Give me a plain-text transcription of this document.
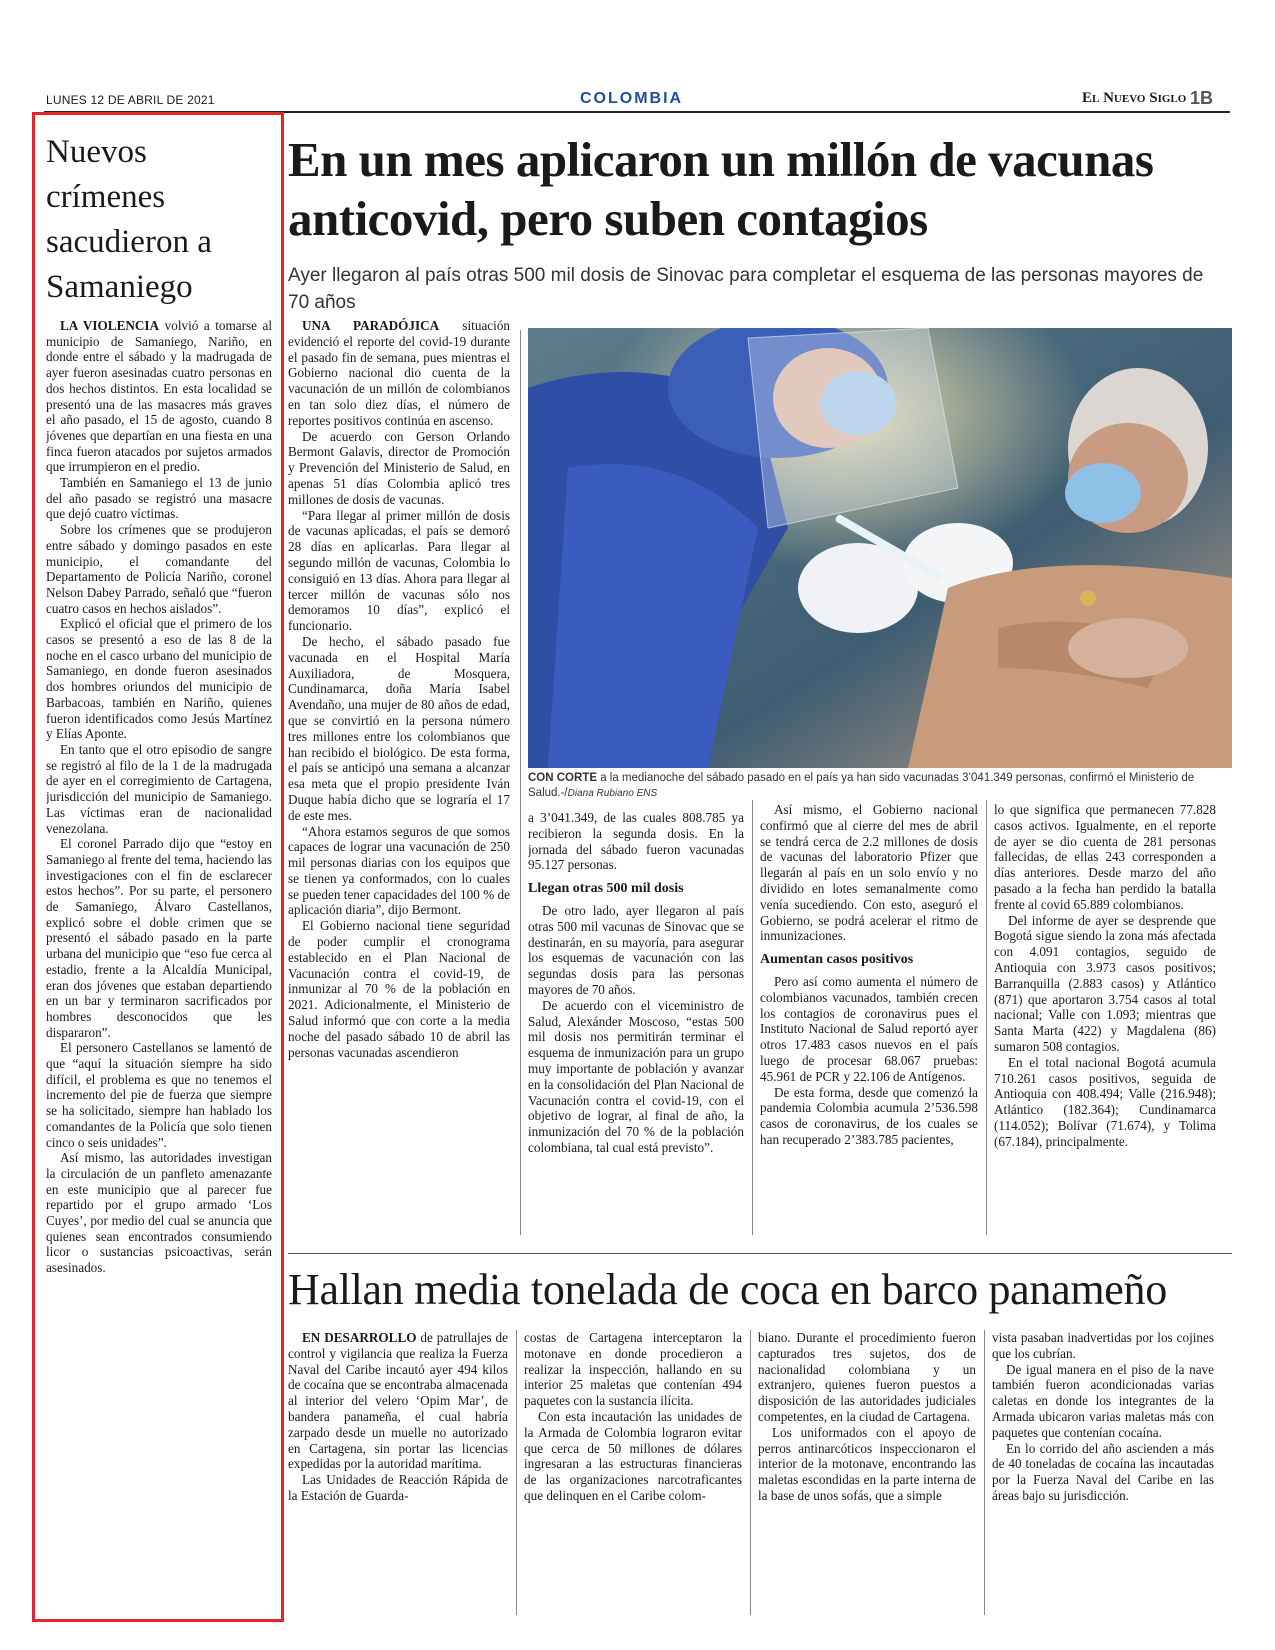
LUNES 12 DE ABRIL DE 2021	COLOMBIA	El Nuevo Siglo 1B
Nuevos crímenes sacudieron a Samaniego

LA VIOLENCIA volvió a tomarse al municipio de Samaniego, Nariño, en donde entre el sábado y la madrugada de ayer fueron asesinadas cuatro personas en dos hechos distintos. En esta localidad se presentó una de las masacres más graves el año pasado, el 15 de agosto, cuando 8 jóvenes que departían en una fiesta en una finca fueron atacados por sujetos armados que irrumpieron en el predio.

También en Samaniego el 13 de junio del año pasado se registró una masacre que dejó cuatro víctimas.

Sobre los crímenes que se produjeron entre sábado y domingo pasados en este municipio, el comandante del Departamento de Policía Nariño, coronel Nelson Dabey Parrado, señaló que “fueron cuatro casos en hechos aislados”.

Explicó el oficial que el primero de los casos se presentó a eso de las 8 de la noche en el casco urbano del municipio de Samaniego, en donde fueron asesinados dos hombres oriundos del municipio de Barbacoas, también en Nariño, quienes fueron identificados como Jesús Martínez y Elías Aponte.

En tanto que el otro episodio de sangre se registró al filo de la 1 de la madrugada de ayer en el corregimiento de Cartagena, jurisdicción del municipio de Samaniego. Las víctimas eran de nacionalidad venezolana.

El coronel Parrado dijo que “estoy en Samaniego al frente del tema, haciendo las investigaciones con el fin de esclarecer estos hechos”. Por su parte, el personero de Samaniego, Álvaro Castellanos, explicó sobre el doble crimen que se presentó el sábado pasado en la parte urbana del municipio que “eso fue cerca al estadio, frente a la Alcaldía Municipal, eran dos jóvenes que estaban departiendo en un bar y terminaron sacrificados por hombres desconocidos que les dispararon”.

El personero Castellanos se lamentó de que “aquí la situación siempre ha sido difícil, el problema es que no tenemos el incremento del pie de fuerza que siempre se ha solicitado, siempre han hablado los comandantes de la Policía que solo tienen cinco o seis unidades”.

Así mismo, las autoridades investigan la circulación de un panfleto amenazante en este municipio que al parecer fue repartido por el grupo armado ‘Los Cuyes’, por medio del cual se anuncia que quienes sean encontrados consumiendo licor o sustancias psicoactivas, serán asesinados.

En un mes aplicaron un millón de vacunas anticovid, pero suben contagios
Ayer llegaron al país otras 500 mil dosis de Sinovac para completar el esquema de las personas mayores de 70 años

UNA PARADÓJICA situación evidenció el reporte del covid-19 durante el pasado fin de semana, pues mientras el Gobierno nacional dio cuenta de la vacunación de un millón de colombianos en tan solo diez días, el número de reportes positivos continúa en ascenso.

De acuerdo con Gerson Orlando Bermont Galavis, director de Promoción y Prevención del Ministerio de Salud, en apenas 51 días Colombia aplicó tres millones de dosis de vacunas.

“Para llegar al primer millón de dosis de vacunas aplicadas, el país se demoró 28 días en aplicarlas. Para llegar al segundo millón de vacunas, Colombia lo consiguió en 13 días. Ahora para llegar al tercer millón de vacunas sólo nos demoramos 10 días”, explicó el funcionario.

De hecho, el sábado pasado fue vacunada en el Hospital María Auxiliadora, de Mosquera, Cundinamarca, doña María Isabel Avendaño, una mujer de 80 años de edad, que se convirtió en la persona número tres millones entre los colombianos que han recibido el biológico. De esta forma, el país se anticipó una semana a alcanzar esa meta que el propio presidente Iván Duque había dicho que se lograría el 17 de este mes.

“Ahora estamos seguros de que somos capaces de lograr una vacunación de 250 mil personas diarias con los equipos que se tienen ya conformados, con lo cuales se pueden tener capacidades del 100 % de aplicación diaria”, dijo Bermont.

El Gobierno nacional tiene seguridad de poder cumplir el cronograma establecido en el Plan Nacional de Vacunación contra el covid-19, de inmunizar al 70 % de la población en 2021. Adicionalmente, el Ministerio de Salud informó que con corte a la media noche del pasado sábado 10 de abril las personas vacunadas ascendieron

CON CORTE a la medianoche del sábado pasado en el país ya han sido vacunadas 3’041.349 personas, confirmó el Ministerio de Salud.-/Diana Rubiano ENS

a 3’041.349, de las cuales 808.785 ya recibieron la segunda dosis. En la jornada del sábado fueron vacunadas 95.127 personas.

Llegan otras 500 mil dosis

De otro lado, ayer llegaron al país otras 500 mil vacunas de Sinovac que se destinarán, en su mayoría, para asegurar los esquemas de vacunación con las segundas dosis para las personas mayores de 70 años.

De acuerdo con el viceministro de Salud, Alexánder Moscoso, “estas 500 mil dosis nos permitirán terminar el esquema de inmunización para un grupo muy importante de población y avanzar en la consolidación del Plan Nacional de Vacunación contra el covid-19, con el objetivo de lograr, al final de año, la inmunización del 70 % de la población colombiana, tal cual está previsto”.

Así mismo, el Gobierno nacional confirmó que al cierre del mes de abril se tendrá cerca de 2.2 millones de dosis de vacunas del laboratorio Pfizer que llegarán al país en un solo envío y no dividido en lotes semanalmente como venía sucediendo. Con esto, aseguró el Gobierno, se podrá acelerar el ritmo de inmunizaciones.

Aumentan casos positivos

Pero así como aumenta el número de colombianos vacunados, también crecen los contagios de coronavirus pues el Instituto Nacional de Salud reportó ayer otros 17.483 casos nuevos en el país luego de procesar 68.067 pruebas: 45.961 de PCR y 22.106 de Antígenos.

De esta forma, desde que comenzó la pandemia Colombia acumula 2’536.598 casos de coronavirus, de los cuales se han recuperado 2’383.785 pacientes,

lo que significa que permanecen 77.828 casos activos. Igualmente, en el reporte de ayer se dio cuenta de 281 personas fallecidas, de ellas 243 corresponden a días anteriores. Desde marzo del año pasado a la fecha han perdido la batalla frente al covid 65.889 colombianos.

Del informe de ayer se desprende que Bogotá sigue siendo la zona más afectada con 4.091 contagios, seguido de Antioquia con 3.973 casos positivos; Barranquilla (2.883 casos) y Atlántico (871) que aportaron 3.754 casos al total nacional; Valle con 1.093; mientras que Santa Marta (422) y Magdalena (86) sumaron 508 contagios.

En el total nacional Bogotá acumula 710.261 casos positivos, seguida de Antioquia con 408.494; Valle (216.948); Atlántico (182.364); Cundinamarca (114.052); Bolívar (71.674), y Tolima (67.184), principalmente.

Hallan media tonelada de coca en barco panameño

EN DESARROLLO de patrullajes de control y vigilancia que realiza la Fuerza Naval del Caribe incautó ayer 494 kilos de cocaína que se encontraba almacenada al interior del velero ‘Opim Mar’, de bandera panameña, el cual habría zarpado desde un muelle no autorizado en Cartagena, sin portar las licencias expedidas por la autoridad marítima.

Las Unidades de Reacción Rápida de la Estación de Guarda-

costas de Cartagena interceptaron la motonave en donde procedieron a realizar la inspección, hallando en su interior 25 maletas que contenían 494 paquetes con la sustancia ilícita.

Con esta incautación las unidades de la Armada de Colombia lograron evitar que cerca de 50 millones de dólares ingresaran a las estructuras financieras de las organizaciones narcotraficantes que delinquen en el Caribe colom-

biano. Durante el procedimiento fueron capturados tres sujetos, dos de nacionalidad colombiana y un extranjero, quienes fueron puestos a disposición de las autoridades judiciales competentes, en la ciudad de Cartagena.

Los uniformados con el apoyo de perros antinarcóticos inspeccionaron el interior de la motonave, encontrando las maletas escondidas en la parte interna de la base de unos sofás, que a simple

vista pasaban inadvertidas por los cojines que los cubrían.

De igual manera en el piso de la nave también fueron acondicionadas varias caletas en donde los integrantes de la Armada ubicaron varias maletas más con paquetes que contenían cocaína.

En lo corrido del año ascienden a más de 40 toneladas de cocaína las incautadas por la Fuerza Naval del Caribe en las áreas bajo su jurisdicción.
